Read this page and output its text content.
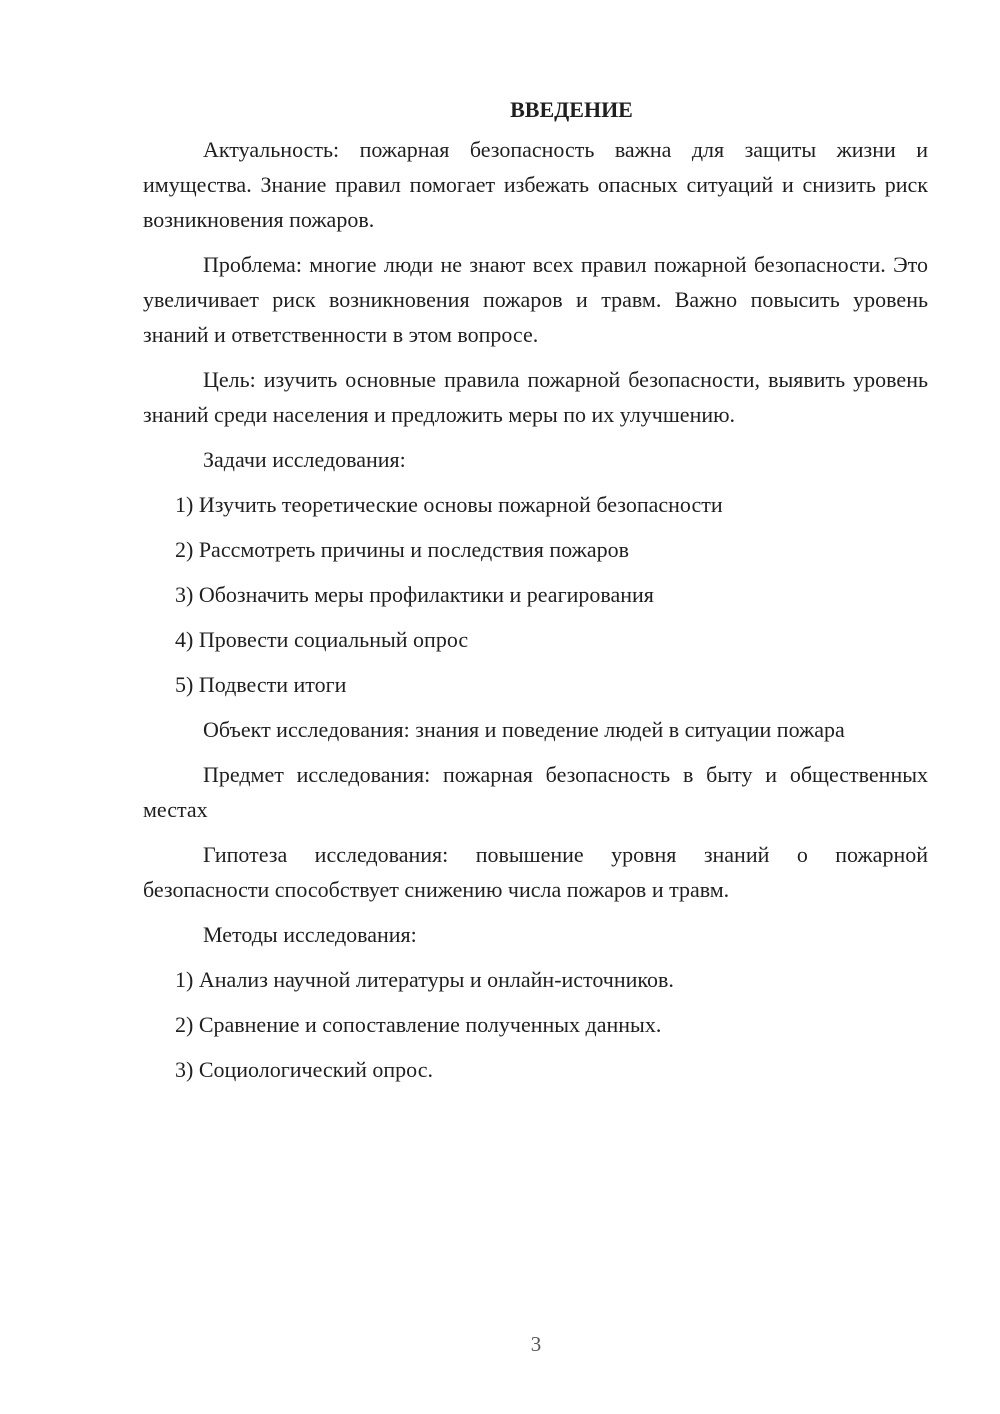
ВВЕДЕНИЕ

Актуальность: пожарная безопасность важна для защиты жизни и имущества. Знание правил помогает избежать опасных ситуаций и снизить риск возникновения пожаров.

Проблема: многие люди не знают всех правил пожарной безопасности. Это увеличивает риск возникновения пожаров и травм. Важно повысить уровень знаний и ответственности в этом вопросе.

Цель: изучить основные правила пожарной безопасности, выявить уровень знаний среди населения и предложить меры по их улучшению.

Задачи исследования:

1) Изучить теоретические основы пожарной безопасности

2) Рассмотреть причины и последствия пожаров

3) Обозначить меры профилактики и реагирования

4) Провести социальный опрос

5) Подвести итоги

Объект исследования: знания и поведение людей в ситуации пожара

Предмет исследования: пожарная безопасность в быту и общественных местах

Гипотеза исследования: повышение уровня знаний о пожарной безопасности способствует снижению числа пожаров и травм.

Методы исследования:

1) Анализ научной литературы и онлайн-источников.

2) Сравнение и сопоставление полученных данных.

3) Социологический опрос.

3
